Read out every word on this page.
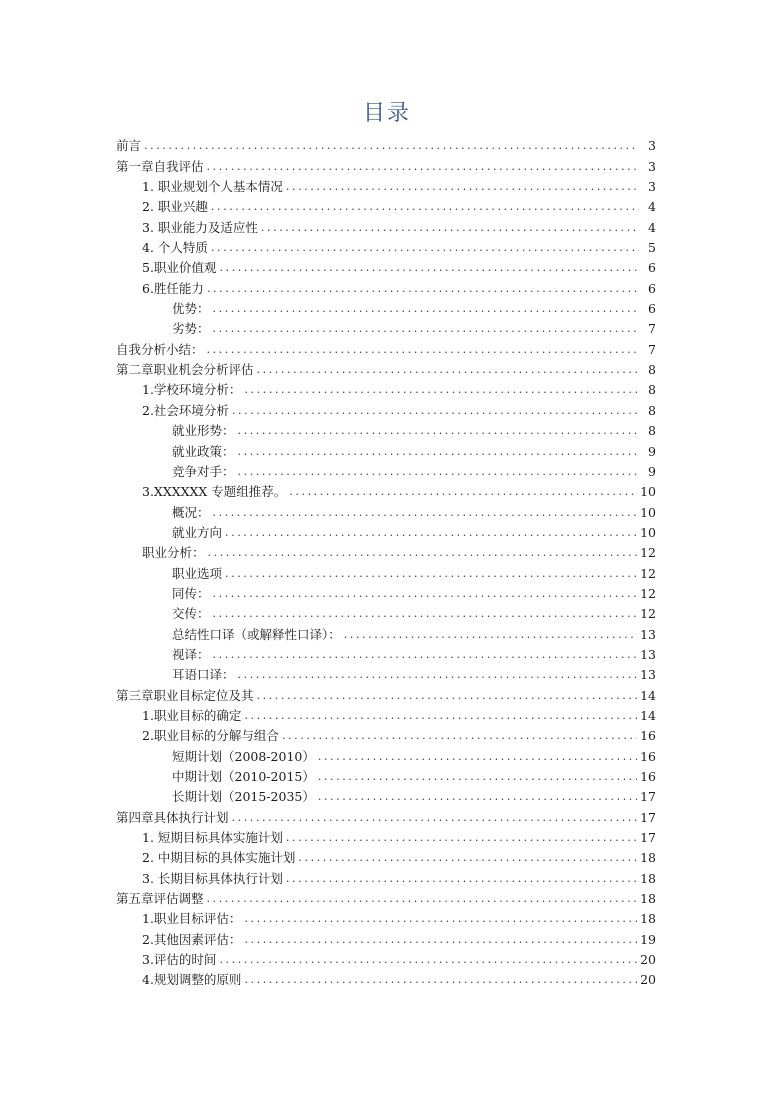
目录
前言 .....	3
第一章自我评估 .....	3
1. 职业规划个人基本情况 .....	3
2. 职业兴趣 .....	4
3. 职业能力及适应性 .....	4
4. 个人特质 .....	5
5.职业价值观 .....	6
6.胜任能力 .....	6
优势： .....	6
劣势： .....	7
自我分析小结： .....	7
第二章职业机会分析评估 .....	8
1.学校环境分析： .....	8
2.社会环境分析 .....	8
就业形势： .....	8
就业政策： .....	9
竞争对手： .....	9
3.XXXXXX 专题组推荐。 .....	10
概况： .....	10
就业方向 .....	10
职业分析： .....	12
职业选项 .....	12
同传： .....	12
交传： .....	12
总结性口译（或解释性口译）： .....	13
视译： .....	13
耳语口译： .....	13
第三章职业目标定位及其 .....	14
1.职业目标的确定 .....	14
2.职业目标的分解与组合 .....	16
短期计划（2008-2010） .....	16
中期计划（2010-2015） .....	16
长期计划（2015-2035） .....	17
第四章具体执行计划 .....	17
1. 短期目标具体实施计划 .....	17
2. 中期目标的具体实施计划 .....	18
3. 长期目标具体执行计划 .....	18
第五章评估调整 .....	18
1.职业目标评估： .....	18
2.其他因素评估： .....	19
3.评估的时间 .....	20
4.规划调整的原则 .....	20
